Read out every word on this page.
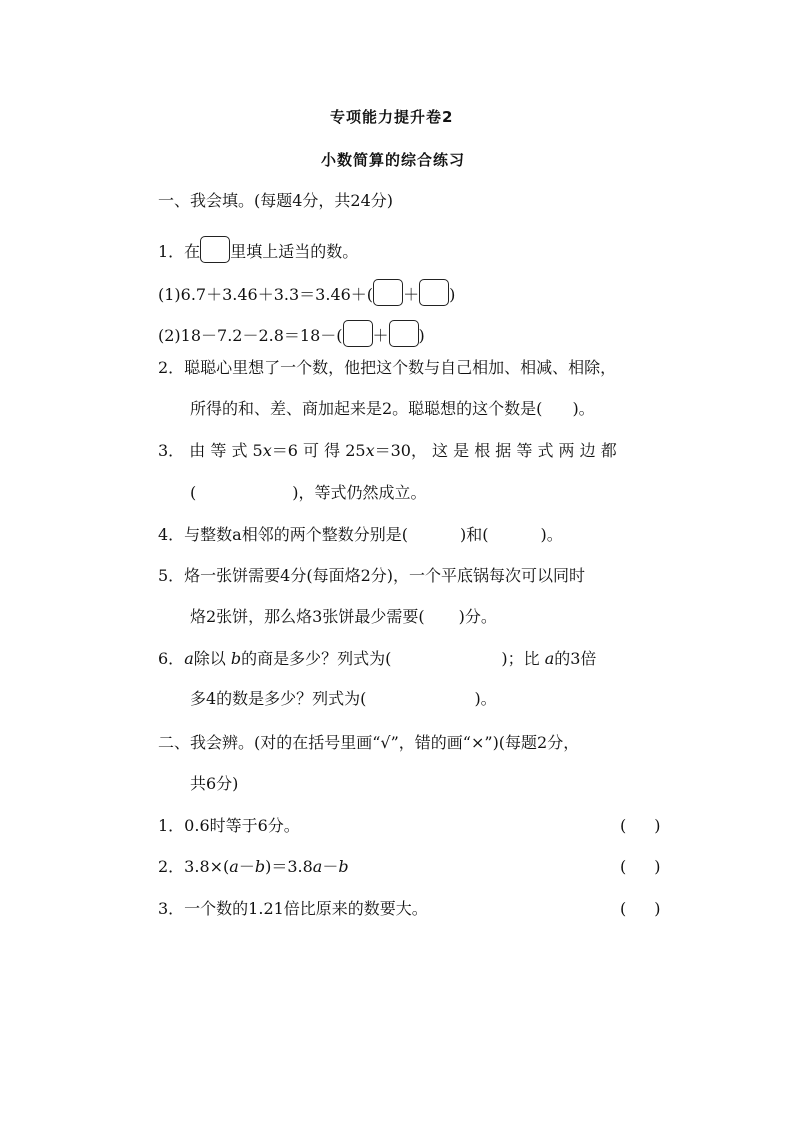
专项能力提升卷2
小数简算的综合练习
一、我会填。(每题4分，共24分)
1．在 里填上适当的数。
(1)6.7＋3.46＋3.3＝3.46＋( ＋ )
(2)18－7.2－2.8＝18－( ＋ )
2．聪聪心里想了一个数，他把这个数与自己相加、相减、相除，
所得的和、差、商加起来是2。聪聪想的这个数是( )。
3． 由 等 式 5x＝6 可 得 25x＝30， 这 是 根 据 等 式 两 边 都
(	)，等式仍然成立。
4．与整数a相邻的两个整数分别是(	)和(	)。
5．烙一张饼需要4分(每面烙2分)，一个平底锅每次可以同时
烙2张饼，那么烙3张饼最少需要( )分。
6．a除以 b的商是多少？列式为(	)；比 a的3倍
多4的数是多少？列式为(	)。
二、我会辨。(对的在括号里画“√”，错的画“×”)(每题2分，
共6分)
1．0.6时等于6分。	( )
2．3.8×(a－b)＝3.8a－b	( )
3．一个数的1.21倍比原来的数要大。	( )
